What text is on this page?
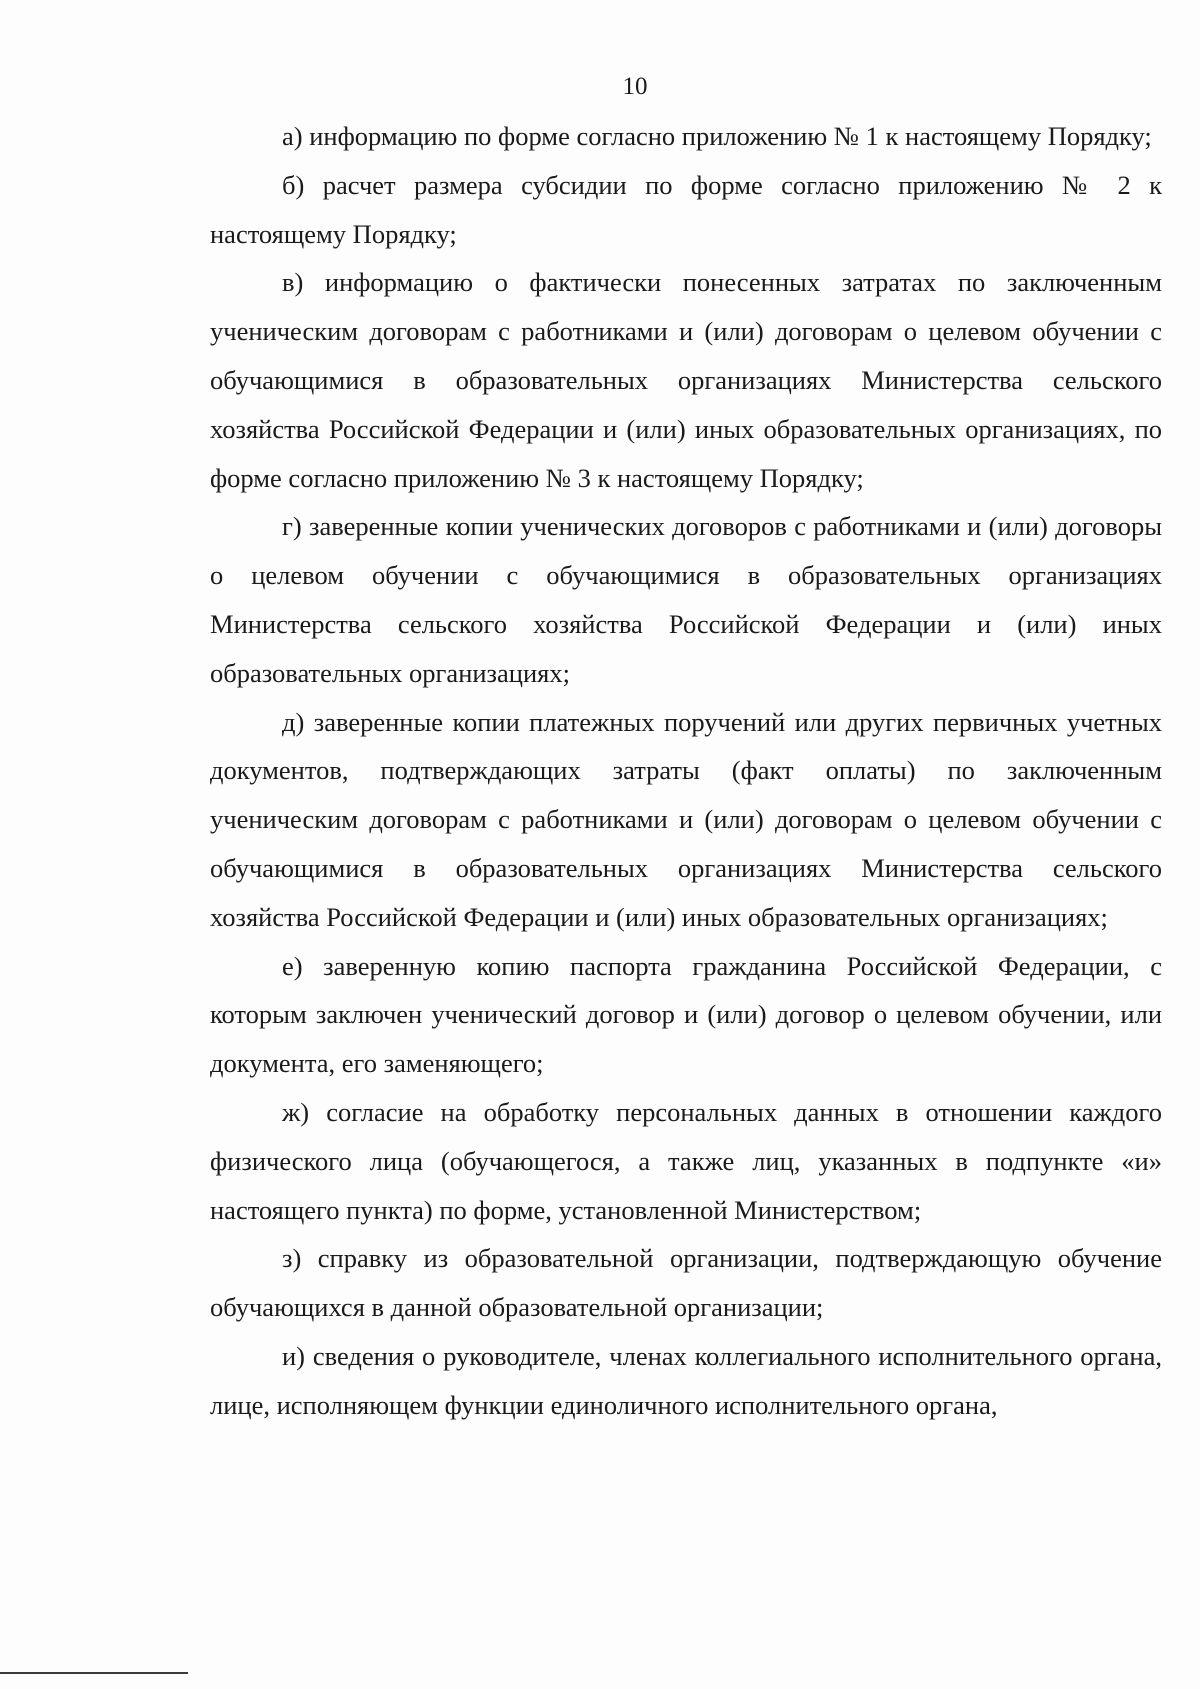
10

а) информацию по форме согласно приложению № 1 к настоящему Порядку;

б) расчет размера субсидии по форме согласно приложению № 2 к настоящему Порядку;

в) информацию о фактически понесенных затратах по заключенным ученическим договорам с работниками и (или) договорам о целевом обучении с обучающимися в образовательных организациях Министерства сельского хозяйства Российской Федерации и (или) иных образовательных организациях, по форме согласно приложению № 3 к настоящему Порядку;

г) заверенные копии ученических договоров с работниками и (или) договоры о целевом обучении с обучающимися в образовательных организациях Министерства сельского хозяйства Российской Федерации и (или) иных образовательных организациях;

д) заверенные копии платежных поручений или других первичных учетных документов, подтверждающих затраты (факт оплаты) по заключенным ученическим договорам с работниками и (или) договорам о целевом обучении с обучающимися в образовательных организациях Министерства сельского хозяйства Российской Федерации и (или) иных образовательных организациях;

е) заверенную копию паспорта гражданина Российской Федерации, с которым заключен ученический договор и (или) договор о целевом обучении, или документа, его заменяющего;

ж) согласие на обработку персональных данных в отношении каждого физического лица (обучающегося, а также лиц, указанных в подпункте «и» настоящего пункта) по форме, установленной Министерством;

з) справку из образовательной организации, подтверждающую обучение обучающихся в данной образовательной организации;

и) сведения о руководителе, членах коллегиального исполнительного органа, лице, исполняющем функции единоличного исполнительного органа,
